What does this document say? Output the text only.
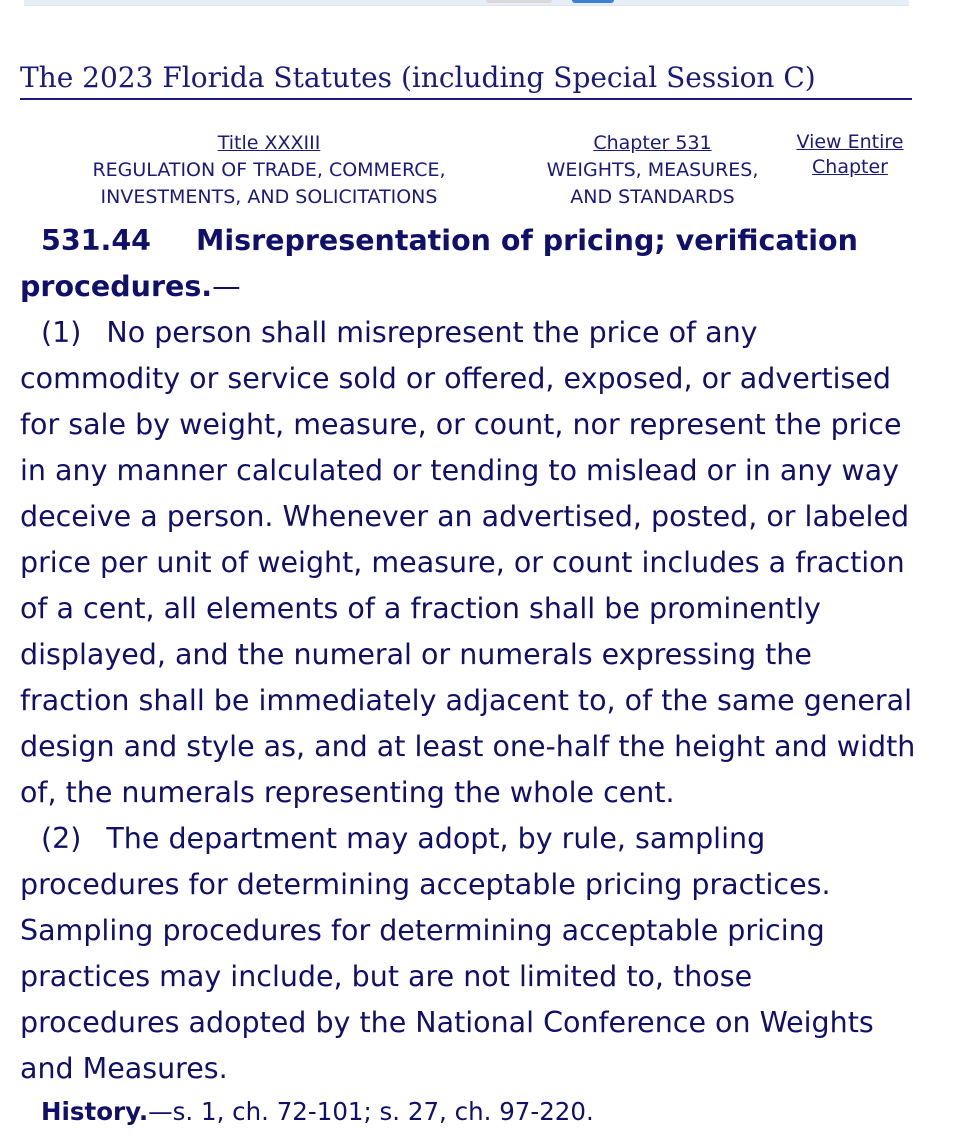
The 2023 Florida Statutes (including Special Session C)
Title XXXIII
REGULATION OF TRADE, COMMERCE,
INVESTMENTS, AND SOLICITATIONS
Chapter 531
WEIGHTS, MEASURES,
AND STANDARDS
View Entire
Chapter

531.44 Misrepresentation of pricing; verification procedures.—

(1) No person shall misrepresent the price of any commodity or service sold or offered, exposed, or advertised for sale by weight, measure, or count, nor represent the price in any manner calculated or tending to mislead or in any way deceive a person. Whenever an advertised, posted, or labeled price per unit of weight, measure, or count includes a fraction of a cent, all elements of a fraction shall be prominently displayed, and the numeral or numerals expressing the fraction shall be immediately adjacent to, of the same general design and style as, and at least one-half the height and width of, the numerals representing the whole cent.

(2) The department may adopt, by rule, sampling procedures for determining acceptable pricing practices. Sampling procedures for determining acceptable pricing practices may include, but are not limited to, those procedures adopted by the National Conference on Weights and Measures.

History.—s. 1, ch. 72-101; s. 27, ch. 97-220.
